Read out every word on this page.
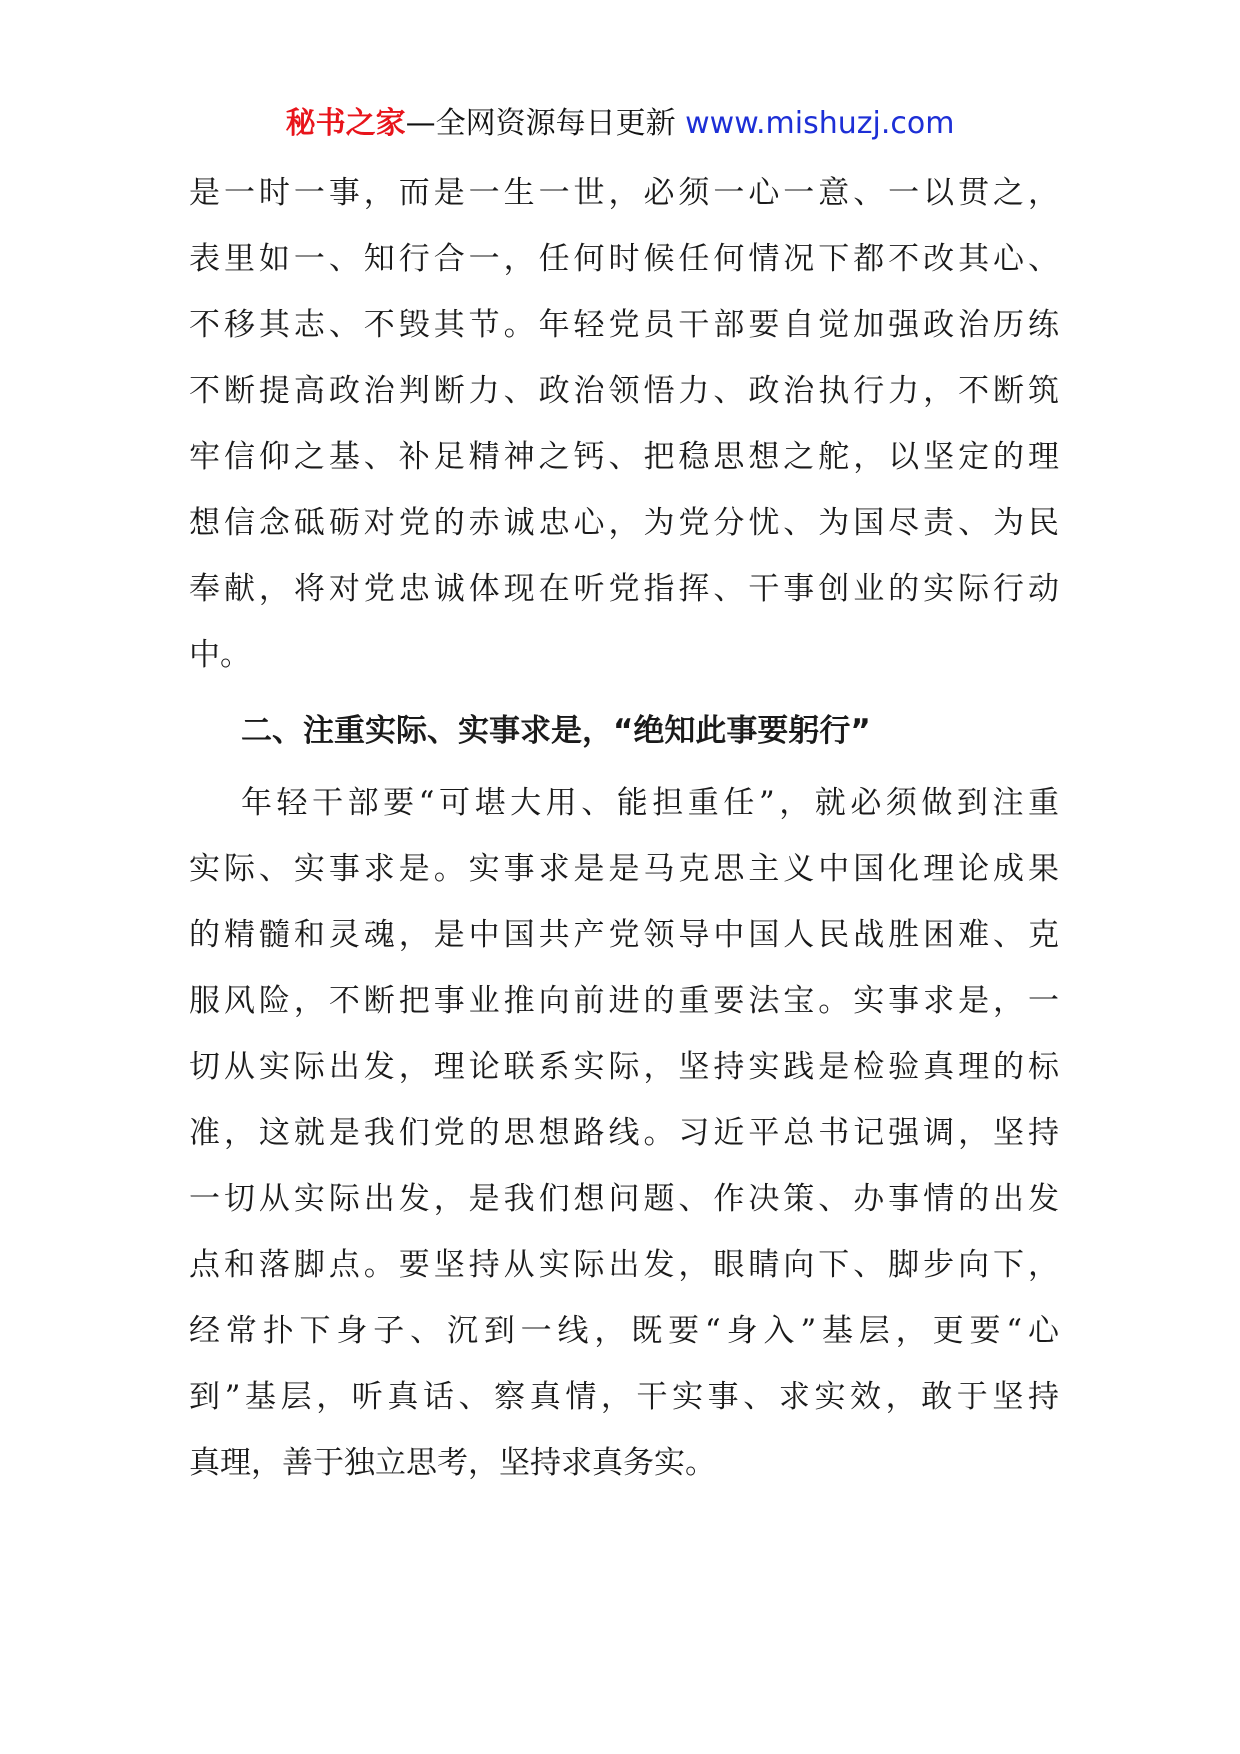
秘书之家—全网资源每日更新 www.mishuzj.com
是一时一事，而是一生一世，必须一心一意、一以贯之，
表里如一、知行合一，任何时候任何情况下都不改其心、
不移其志、不毁其节。年轻党员干部要自觉加强政治历练
不断提高政治判断力、政治领悟力、政治执行力，不断筑
牢信仰之基、补足精神之钙、把稳思想之舵，以坚定的理
想信念砥砺对党的赤诚忠心，为党分忧、为国尽责、为民
奉献，将对党忠诚体现在听党指挥、干事创业的实际行动
中。
二、注重实际、实事求是，“绝知此事要躬行”
年轻干部要“可堪大用、能担重任”，就必须做到注重
实际、实事求是。实事求是是马克思主义中国化理论成果
的精髓和灵魂，是中国共产党领导中国人民战胜困难、克
服风险，不断把事业推向前进的重要法宝。实事求是，一
切从实际出发，理论联系实际，坚持实践是检验真理的标
准，这就是我们党的思想路线。习近平总书记强调，坚持
一切从实际出发，是我们想问题、作决策、办事情的出发
点和落脚点。要坚持从实际出发，眼睛向下、脚步向下，
经常扑下身子、沉到一线，既要“身入”基层，更要“心
到”基层，听真话、察真情，干实事、求实效，敢于坚持
真理，善于独立思考，坚持求真务实。
